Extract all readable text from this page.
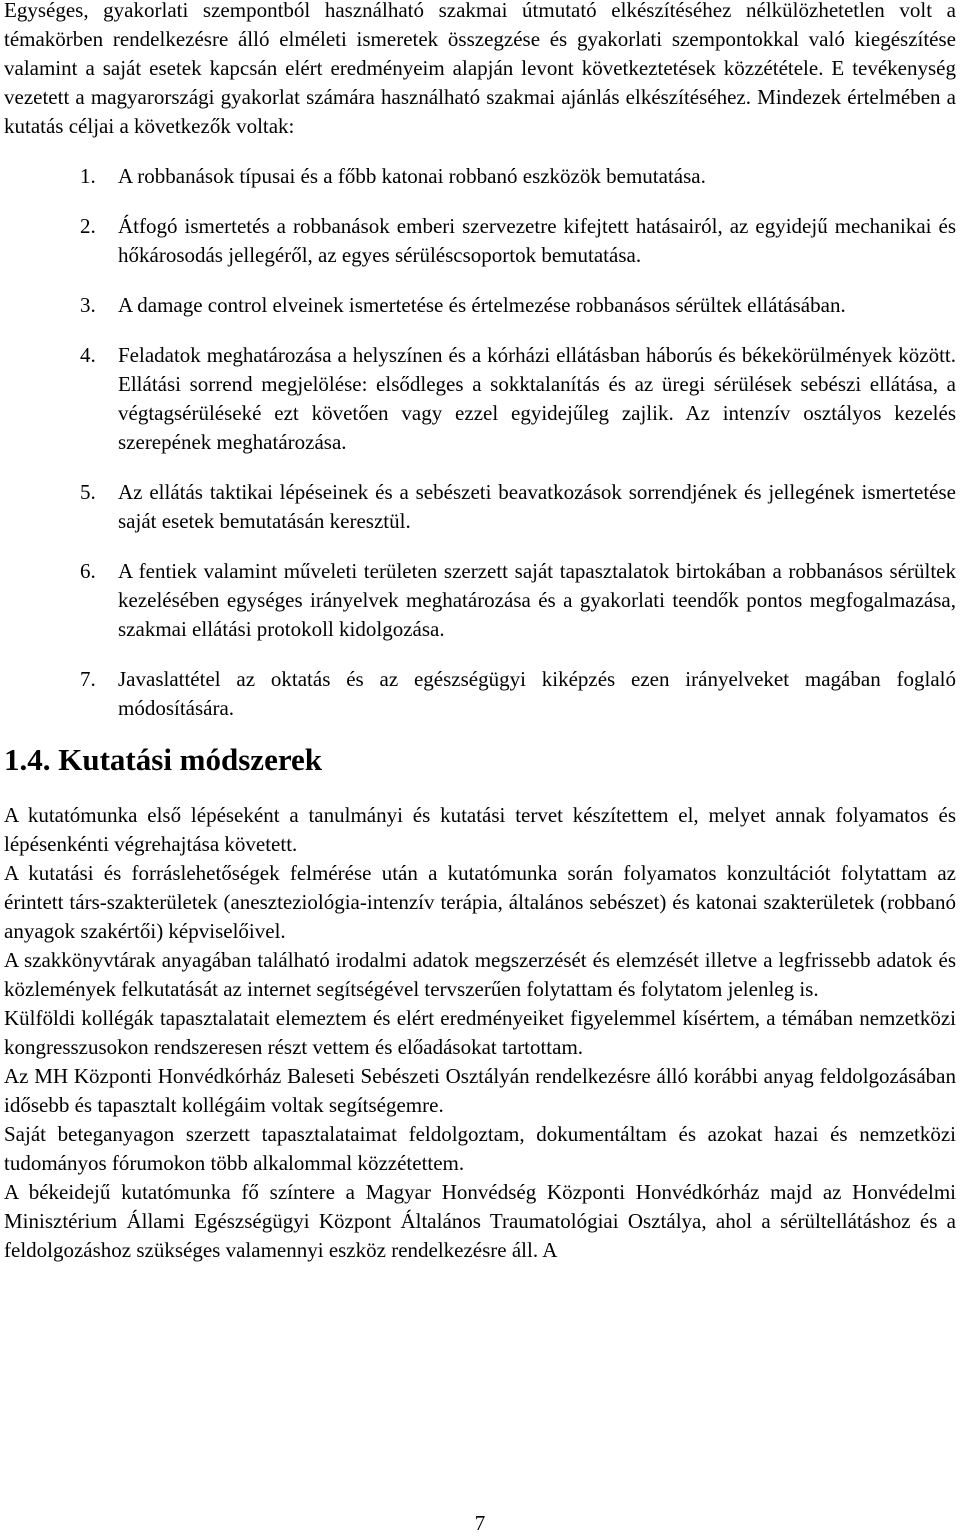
Egységes, gyakorlati szempontból használható szakmai útmutató elkészítéséhez nélkülözhetetlen volt a témakörben rendelkezésre álló elméleti ismeretek összegzése és gyakorlati szempontokkal való kiegészítése valamint a saját esetek kapcsán elért eredményeim alapján levont következtetések közzététele. E tevékenység vezetett a magyarországi gyakorlat számára használható szakmai ajánlás elkészítéséhez. Mindezek értelmében a kutatás céljai a következők voltak:

1. A robbanások típusai és a főbb katonai robbanó eszközök bemutatása.
2. Átfogó ismertetés a robbanások emberi szervezetre kifejtett hatásairól, az egyidejű mechanikai és hőkárosodás jellegéről, az egyes sérüléscsoportok bemutatása.
3. A damage control elveinek ismertetése és értelmezése robbanásos sérültek ellátásában.
4. Feladatok meghatározása a helyszínen és a kórházi ellátásban háborús és békekörülmények között. Ellátási sorrend megjelölése: elsődleges a sokktalanítás és az üregi sérülések sebészi ellátása, a végtagsérüléseké ezt követően vagy ezzel egyidejűleg zajlik. Az intenzív osztályos kezelés szerepének meghatározása.
5. Az ellátás taktikai lépéseinek és a sebészeti beavatkozások sorrendjének és jellegének ismertetése saját esetek bemutatásán keresztül.
6. A fentiek valamint műveleti területen szerzett saját tapasztalatok birtokában a robbanásos sérültek kezelésében egységes irányelvek meghatározása és a gyakorlati teendők pontos megfogalmazása, szakmai ellátási protokoll kidolgozása.
7. Javaslattétel az oktatás és az egészségügyi kiképzés ezen irányelveket magában foglaló módosítására.
1.4. Kutatási módszerek

A kutatómunka első lépéseként a tanulmányi és kutatási tervet készítettem el, melyet annak folyamatos és lépésenkénti végrehajtása követett.

A kutatási és forráslehetőségek felmérése után a kutatómunka során folyamatos konzultációt folytattam az érintett társ-szakterületek (aneszteziológia-intenzív terápia, általános sebészet) és katonai szakterületek (robbanó anyagok szakértői) képviselőivel.

A szakkönyvtárak anyagában található irodalmi adatok megszerzését és elemzését illetve a legfrissebb adatok és közlemények felkutatását az internet segítségével tervszerűen folytattam és folytatom jelenleg is.

Külföldi kollégák tapasztalatait elemeztem és elért eredményeiket figyelemmel kísértem, a témában nemzetközi kongresszusokon rendszeresen részt vettem és előadásokat tartottam.

Az MH Központi Honvédkórház Baleseti Sebészeti Osztályán rendelkezésre álló korábbi anyag feldolgozásában idősebb és tapasztalt kollégáim voltak segítségemre.

Saját beteganyagon szerzett tapasztalataimat feldolgoztam, dokumentáltam és azokat hazai és nemzetközi tudományos fórumokon több alkalommal közzétettem.

A békeidejű kutatómunka fő színtere a Magyar Honvédség Központi Honvédkórház majd az Honvédelmi Minisztérium Állami Egészségügyi Központ Általános Traumatológiai Osztálya, ahol a sérültellátáshoz és a feldolgozáshoz szükséges valamennyi eszköz rendelkezésre áll. A

7
